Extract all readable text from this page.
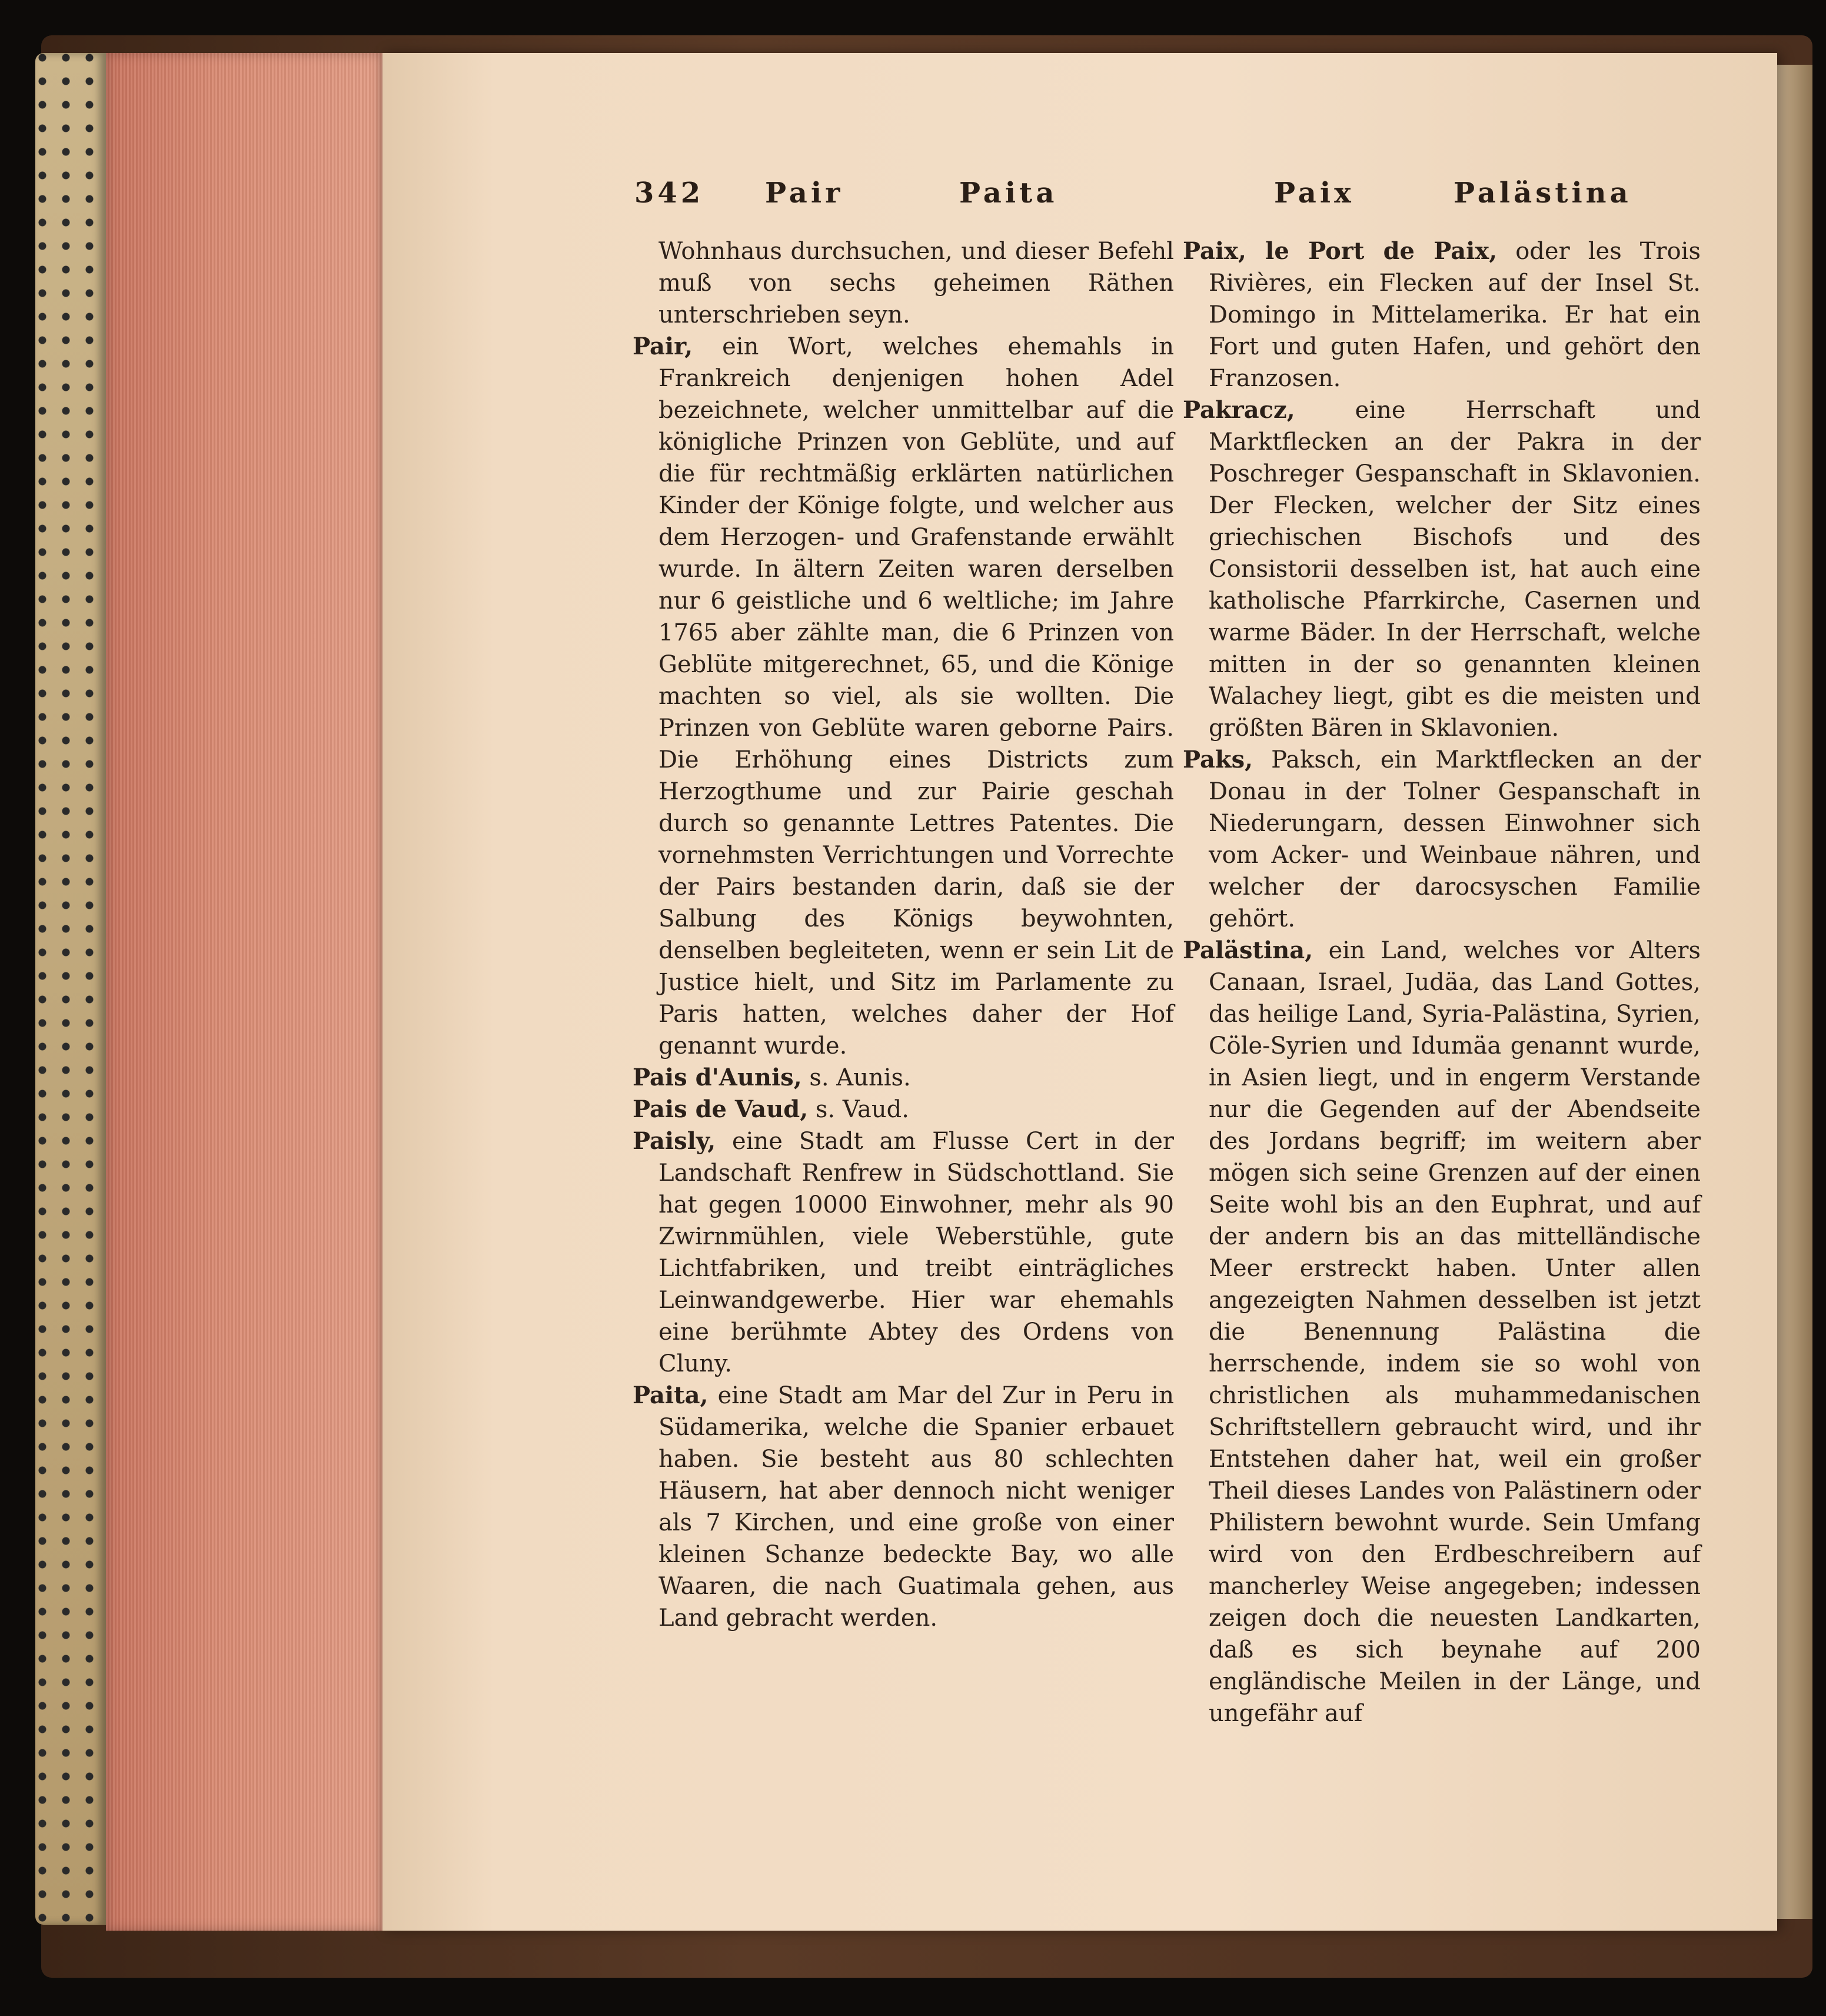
342 Pair	Paita	Paix	Palästina

Wohnhaus durchsuchen, und dieser Befehl muß von sechs geheimen Räthen unterschrieben seyn.

Pair, ein Wort, welches ehemahls in Frankreich denjenigen hohen Adel bezeichnete, welcher unmittelbar auf die königliche Prinzen von Geblüte, und auf die für rechtmäßig erklärten natürlichen Kinder der Könige folgte, und welcher aus dem Herzogen- und Grafenstande erwählt wurde. In ältern Zeiten waren derselben nur 6 geistliche und 6 weltliche; im Jahre 1765 aber zählte man, die 6 Prinzen von Geblüte mitgerechnet, 65, und die Könige machten so viel, als sie wollten. Die Prinzen von Geblüte waren geborne Pairs. Die Erhöhung eines Districts zum Herzogthume und zur Pairie geschah durch so genannte Lettres Patentes. Die vornehmsten Verrichtungen und Vorrechte der Pairs bestanden darin, daß sie der Salbung des Königs beywohnten, denselben begleiteten, wenn er sein Lit de Justice hielt, und Sitz im Parlamente zu Paris hatten, welches daher der Hof genannt wurde.

Pais d'Aunis, s. Aunis.

Pais de Vaud, s. Vaud.

Paisly, eine Stadt am Flusse Cert in der Landschaft Renfrew in Südschottland. Sie hat gegen 10000 Einwohner, mehr als 90 Zwirnmühlen, viele Weberstühle, gute Lichtfabriken, und treibt einträgliches Leinwandgewerbe. Hier war ehemahls eine berühmte Abtey des Ordens von Cluny.

Paita, eine Stadt am Mar del Zur in Peru in Südamerika, welche die Spanier erbauet haben. Sie besteht aus 80 schlechten Häusern, hat aber dennoch nicht weniger als 7 Kirchen, und eine große von einer kleinen Schanze bedeckte Bay, wo alle Waaren, die nach Guatimala gehen, aus Land gebracht werden.

Paix, le Port de Paix, oder les Trois Rivières, ein Flecken auf der Insel St. Domingo in Mittelamerika. Er hat ein Fort und guten Hafen, und gehört den Franzosen.

Pakracz, eine Herrschaft und Marktflecken an der Pakra in der Poschreger Gespanschaft in Sklavonien. Der Flecken, welcher der Sitz eines griechischen Bischofs und des Consistorii desselben ist, hat auch eine katholische Pfarrkirche, Casernen und warme Bäder. In der Herrschaft, welche mitten in der so genannten kleinen Walachey liegt, gibt es die meisten und größten Bären in Sklavonien.

Paks, Paksch, ein Marktflecken an der Donau in der Tolner Gespanschaft in Niederungarn, dessen Einwohner sich vom Acker- und Weinbaue nähren, und welcher der darocsyschen Familie gehört.

Palästina, ein Land, welches vor Alters Canaan, Israel, Judäa, das Land Gottes, das heilige Land, Syria-Palästina, Syrien, Cöle-Syrien und Idumäa genannt wurde, in Asien liegt, und in engerm Verstande nur die Gegenden auf der Abendseite des Jordans begriff; im weitern aber mögen sich seine Grenzen auf der einen Seite wohl bis an den Euphrat, und auf der andern bis an das mittelländische Meer erstreckt haben. Unter allen angezeigten Nahmen desselben ist jetzt die Benennung Palästina die herrschende, indem sie so wohl von christlichen als muhammedanischen Schriftstellern gebraucht wird, und ihr Entstehen daher hat, weil ein großer Theil dieses Landes von Palästinern oder Philistern bewohnt wurde. Sein Umfang wird von den Erdbeschreibern auf mancherley Weise angegeben; indessen zeigen doch die neuesten Landkarten, daß es sich beynahe auf 200 engländische Meilen in der Länge, und ungefähr auf
